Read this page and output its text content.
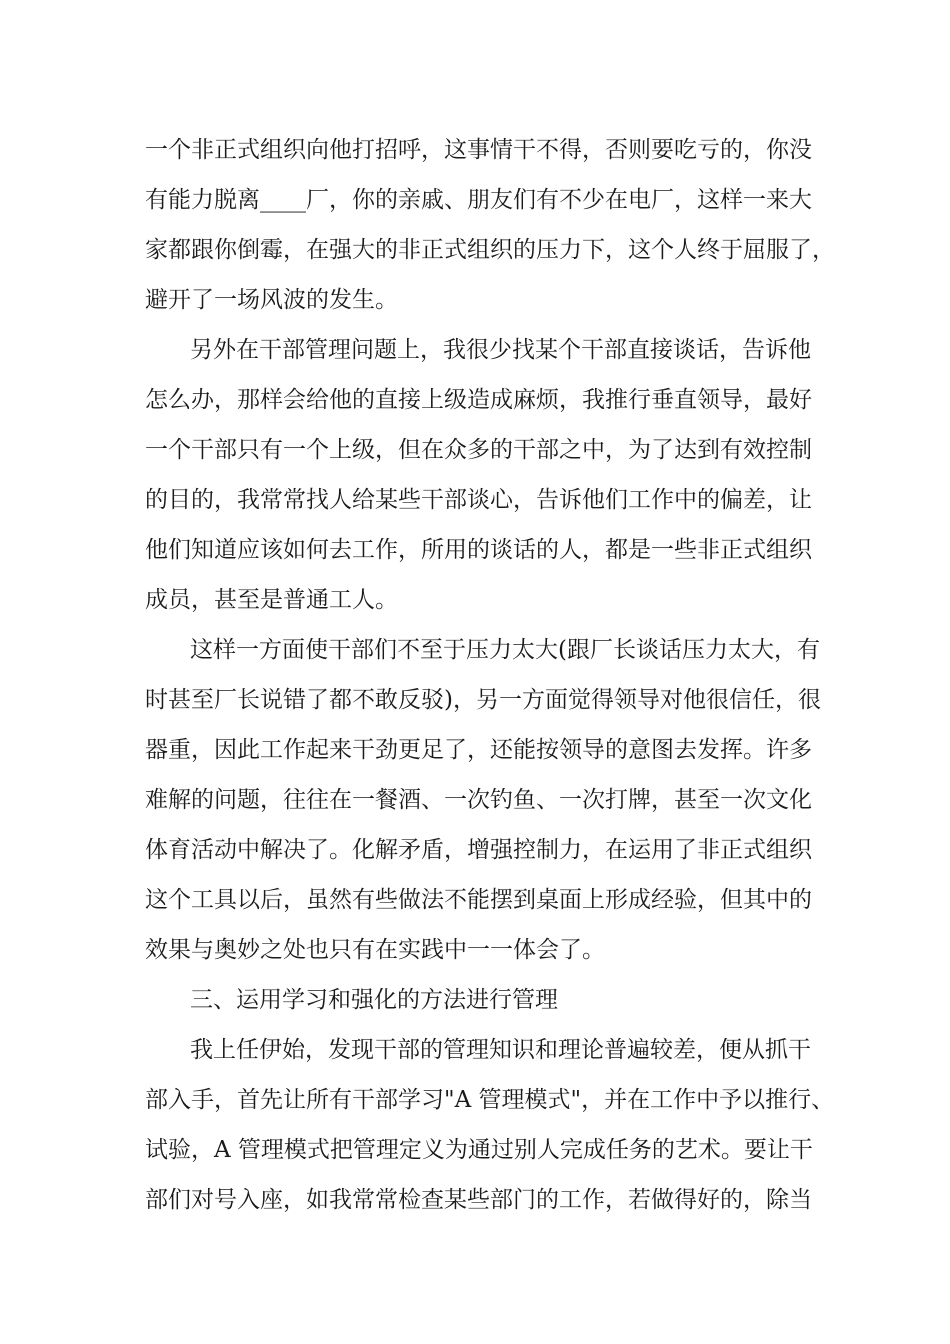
一个非正式组织向他打招呼，这事情干不得，否则要吃亏的，你没
有能力脱离____厂，你的亲戚、朋友们有不少在电厂，这样一来大
家都跟你倒霉，在强大的非正式组织的压力下，这个人终于屈服了，
避开了一场风波的发生。
另外在干部管理问题上，我很少找某个干部直接谈话，告诉他
怎么办，那样会给他的直接上级造成麻烦，我推行垂直领导，最好
一个干部只有一个上级，但在众多的干部之中，为了达到有效控制
的目的，我常常找人给某些干部谈心，告诉他们工作中的偏差，让
他们知道应该如何去工作，所用的谈话的人，都是一些非正式组织
成员，甚至是普通工人。
这样一方面使干部们不至于压力太大(跟厂长谈话压力太大，有
时甚至厂长说错了都不敢反驳)，另一方面觉得领导对他很信任，很
器重，因此工作起来干劲更足了，还能按领导的意图去发挥。许多
难解的问题，往往在一餐酒、一次钓鱼、一次打牌，甚至一次文化
体育活动中解决了。化解矛盾，增强控制力，在运用了非正式组织
这个工具以后，虽然有些做法不能摆到桌面上形成经验，但其中的
效果与奥妙之处也只有在实践中一一体会了。
三、运用学习和强化的方法进行管理
我上任伊始，发现干部的管理知识和理论普遍较差，便从抓干
部入手，首先让所有干部学习"A 管理模式"，并在工作中予以推行、
试验，A 管理模式把管理定义为通过别人完成任务的艺术。要让干
部们对号入座，如我常常检查某些部门的工作，若做得好的，除当
